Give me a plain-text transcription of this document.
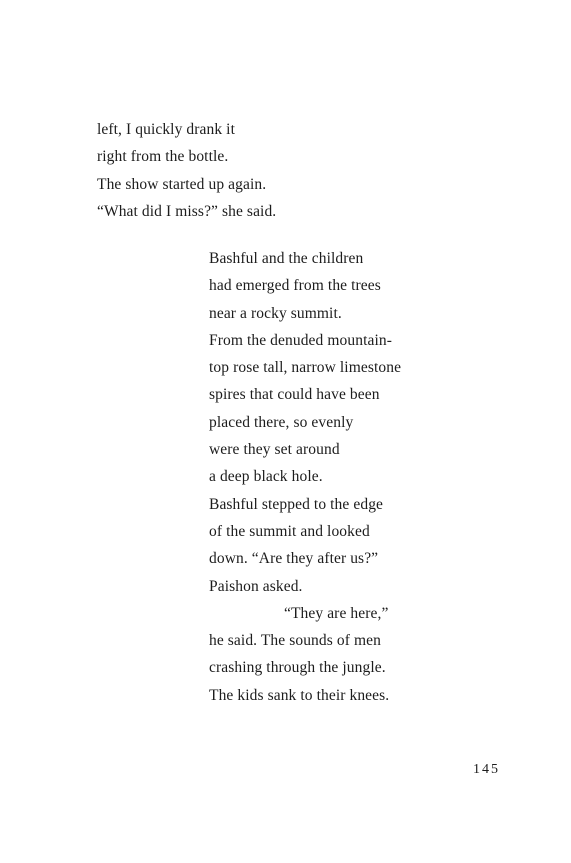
left, I quickly drank it
right from the bottle.
The show started up again.
“What did I miss?” she said.
Bashful and the children
had emerged from the trees
near a rocky summit.
From the denuded mountain-
top rose tall, narrow limestone
spires that could have been
placed there, so evenly
were they set around
a deep black hole.
Bashful stepped to the edge
of the summit and looked
down. “Are they after us?”
Paishon asked.
“They are here,”
he said. The sounds of men
crashing through the jungle.
The kids sank to their knees.
145
